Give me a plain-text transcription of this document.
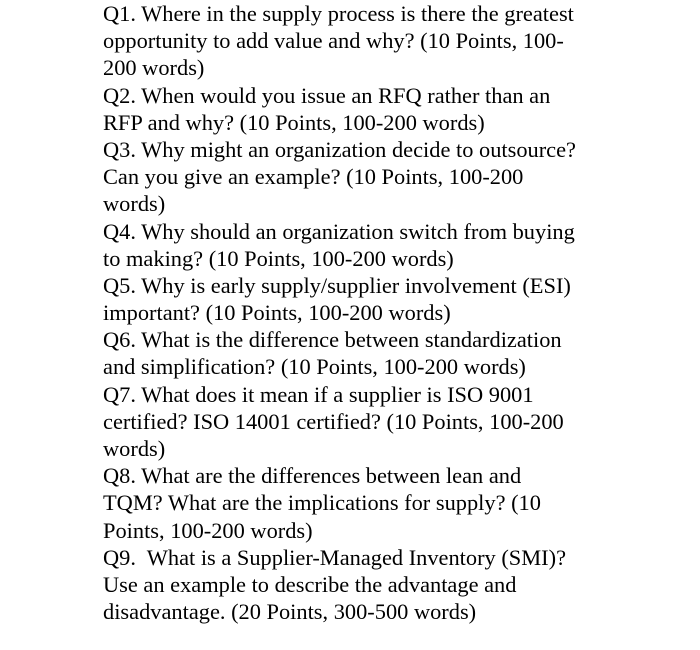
Q1. Where in the supply process is there the greatest
opportunity to add value and why? (10 Points, 100-
200 words)
Q2. When would you issue an RFQ rather than an
RFP and why? (10 Points, 100-200 words)
Q3. Why might an organization decide to outsource?
Can you give an example? (10 Points, 100-200
words)
Q4. Why should an organization switch from buying
to making? (10 Points, 100-200 words)
Q5. Why is early supply/supplier involvement (ESI)
important? (10 Points, 100-200 words)
Q6. What is the difference between standardization
and simplification? (10 Points, 100-200 words)
Q7. What does it mean if a supplier is ISO 9001
certified? ISO 14001 certified? (10 Points, 100-200
words)
Q8. What are the differences between lean and
TQM? What are the implications for supply? (10
Points, 100-200 words)
Q9.  What is a Supplier-Managed Inventory (SMI)?
Use an example to describe the advantage and
disadvantage. (20 Points, 300-500 words)
